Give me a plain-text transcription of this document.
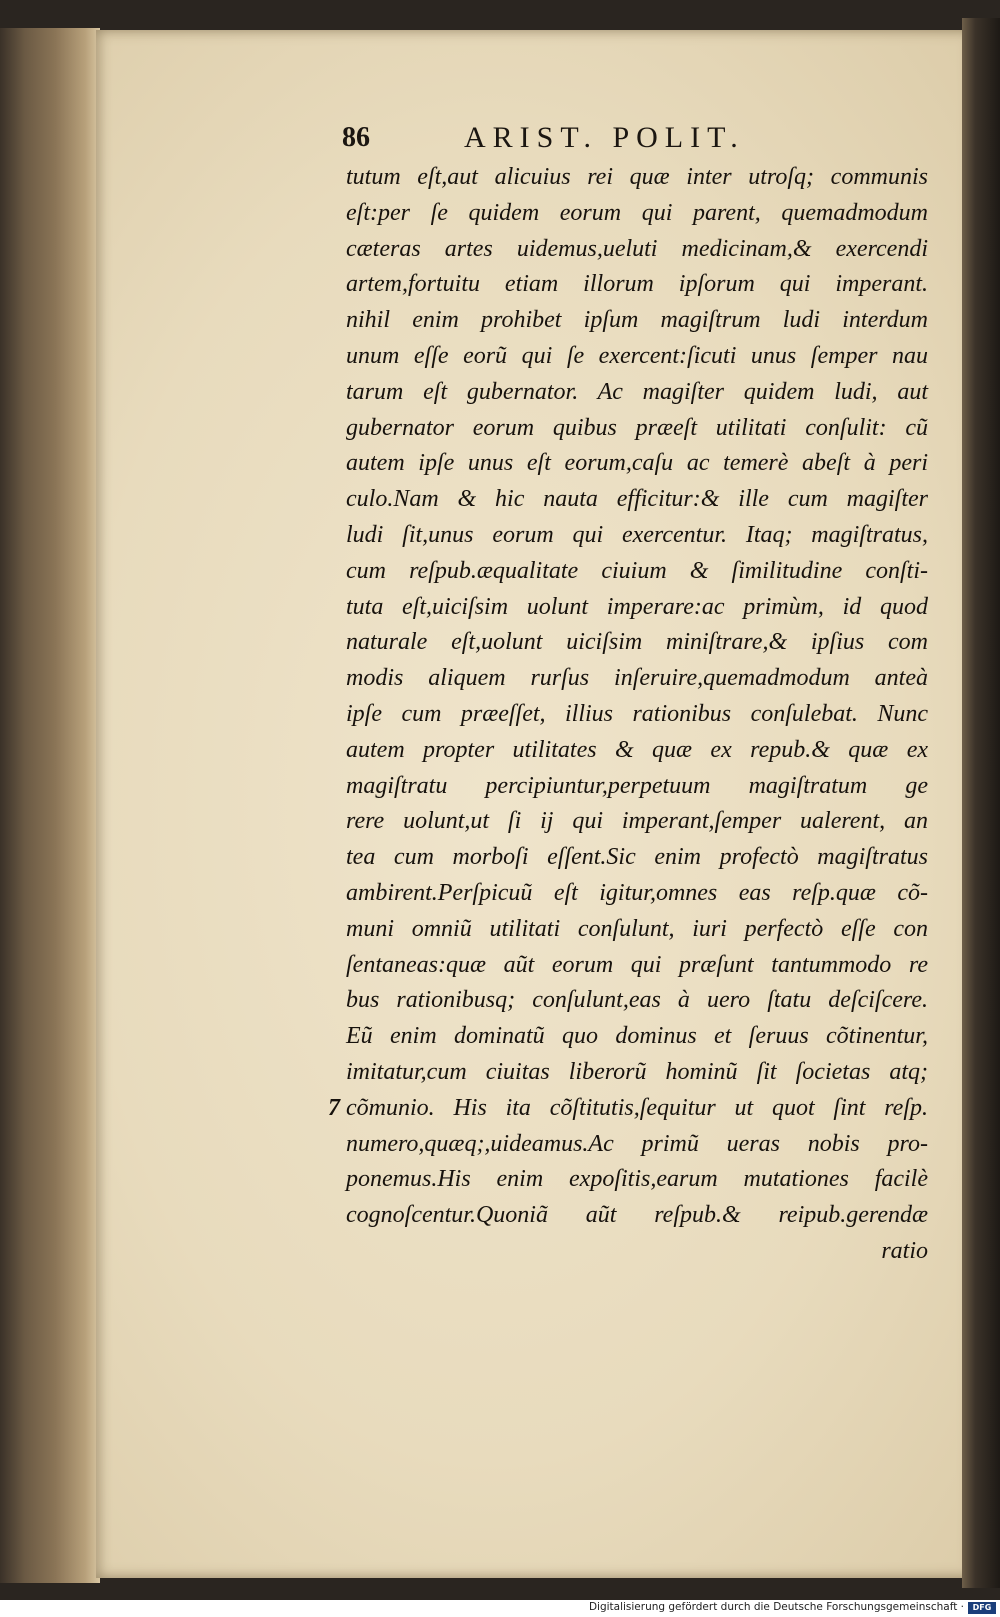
86	ARIST. POLIT.
tutum eſt,aut alicuius rei quæ inter utroſq; communis
eſt:per ſe quidem eorum qui parent, quemadmodum
cæteras artes uidemus,ueluti medicinam,& exercendi
artem,fortuitu etiam illorum ipſorum qui imperant.
nihil enim prohibet ipſum magiſtrum ludi interdum
unum eſſe eorũ qui ſe exercent:ſicuti unus ſemper nau
tarum eſt gubernator. Ac magiſter quidem ludi, aut
gubernator eorum quibus præeſt utilitati conſulit: cũ
autem ipſe unus eſt eorum,caſu ac temerè abeſt à peri
culo.Nam & hic nauta efficitur:& ille cum magiſter
ludi ſit,unus eorum qui exercentur. Itaq; magiſtratus,
cum reſpub.æqualitate ciuium & ſimilitudine conſti-
tuta eſt,uiciſsim uolunt imperare:ac primùm, id quod
naturale eſt,uolunt uiciſsim miniſtrare,& ipſius com
modis aliquem rurſus inſeruire,quemadmodum anteà
ipſe cum præeſſet, illius rationibus conſulebat. Nunc
autem propter utilitates & quæ ex repub.& quæ ex
magiſtratu percipiuntur,perpetuum magiſtratum ge
rere uolunt,ut ſi ij qui imperant,ſemper ualerent, an
tea cum morboſi eſſent.Sic enim profectò magiſtratus
ambirent.Perſpicuũ eſt igitur,omnes eas reſp.quæ cõ-
muni omniũ utilitati conſulunt, iuri perfectò eſſe con
ſentaneas:quæ aũt eorum qui præſunt tantummodo re
bus rationibusq; conſulunt,eas à uero ſtatu deſciſcere.
Eũ enim dominatũ quo dominus et ſeruus cõtinentur,
imitatur,cum ciuitas liberorũ hominũ ſit ſocietas atq;
7 cõmunio. His ita cõſtitutis,ſequitur ut quot ſint reſp.
numero,quæq;,uideamus.Ac primũ ueras nobis pro-
ponemus.His enim expoſitis,earum mutationes facilè
cognoſcentur.Quoniã aũt reſpub.& reipub.gerendæ
ratio
Digitalisierung gefördert durch die Deutsche Forschungsgemeinschaft ·	DFG
